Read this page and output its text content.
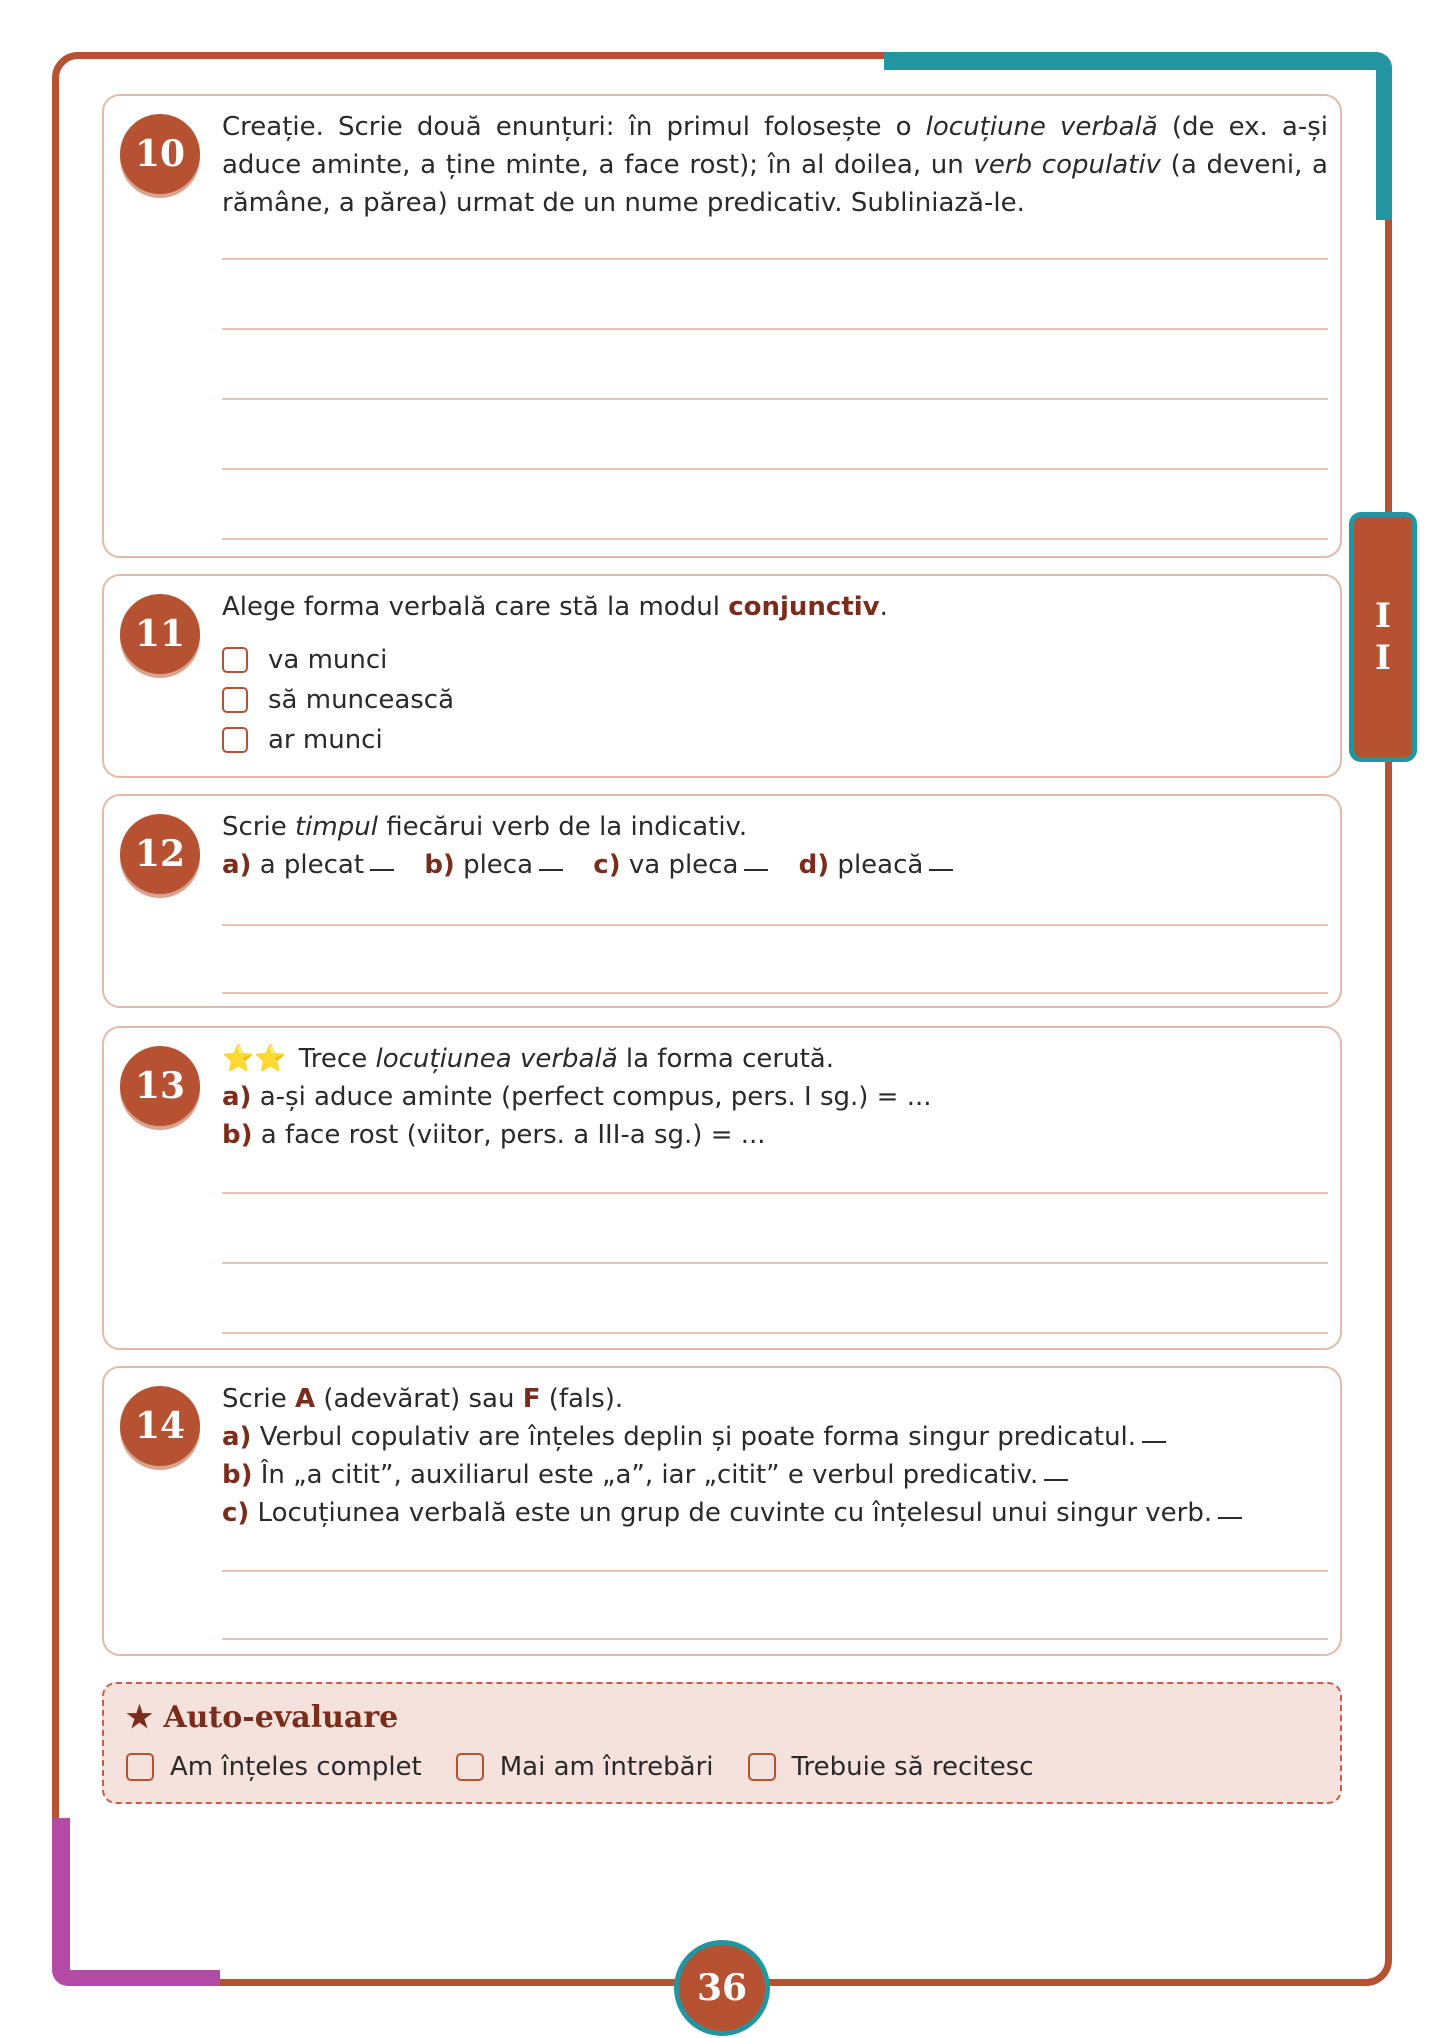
I
I
10

Creație. Scrie două enunțuri: în primul folosește o locuțiune verbală (de ex. a-și aduce amintе, a ține minte, a face rost); în al doilea, un verb copulativ (a deveni, a rămâne, a părea) urmat de un nume predicativ. Subliniază-le.

11

Alege forma verbală care stă la modul conjunctiv.

va munci
să muncească
ar munci
12

Scrie timpul fiecărui verb de la indicativ.

a) a plecat b) pleca c) va pleca d) pleacă

13

⭐⭐ Trece locuțiunea verbală la forma cerută.

a) a-și aduce aminte (perfect compus, pers. I sg.) = ...

b) a face rost (viitor, pers. a III-a sg.) = ...

14

Scrie A (adevărat) sau F (fals).

a) Verbul copulativ are înțeles deplin și poate forma singur predicatul.

b) În „a citit”, auxiliarul este „a”, iar „citit” e verbul predicativ.

c) Locuțiunea verbală este un grup de cuvinte cu înțelesul unui singur verb.

★ Auto-evaluare
Am înțeles complet	Mai am întrebări	Trebuie să recitesc
36
